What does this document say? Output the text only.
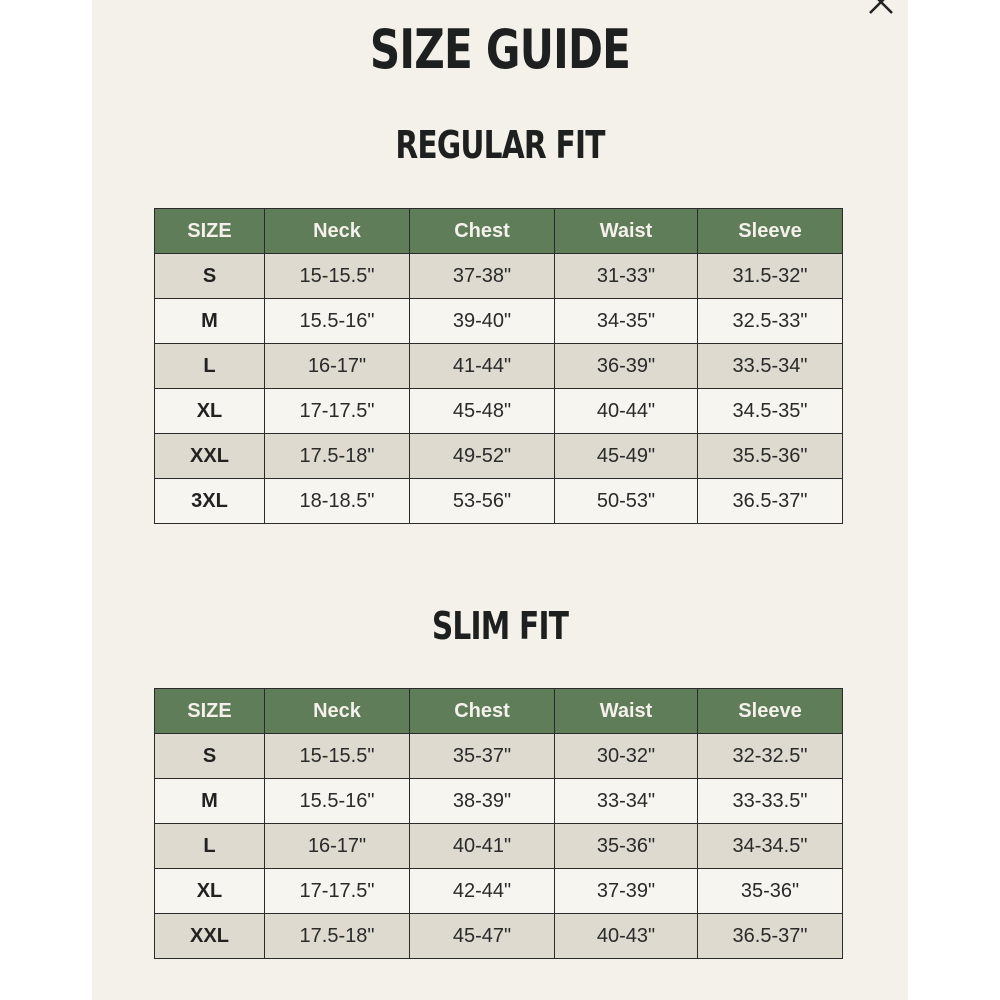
SIZE GUIDE
REGULAR FIT
SIZE	Neck	Chest	Waist	Sleeve
S	15-15.5"	37-38"	31-33"	31.5-32"
M	15.5-16"	39-40"	34-35"	32.5-33"
L	16-17"	41-44"	36-39"	33.5-34"
XL	17-17.5"	45-48"	40-44"	34.5-35"
XXL	17.5-18"	49-52"	45-49"	35.5-36"
3XL	18-18.5"	53-56"	50-53"	36.5-37"
SLIM FIT
SIZE	Neck	Chest	Waist	Sleeve
S	15-15.5"	35-37"	30-32"	32-32.5"
M	15.5-16"	38-39"	33-34"	33-33.5"
L	16-17"	40-41"	35-36"	34-34.5"
XL	17-17.5"	42-44"	37-39"	35-36"
XXL	17.5-18"	45-47"	40-43"	36.5-37"
